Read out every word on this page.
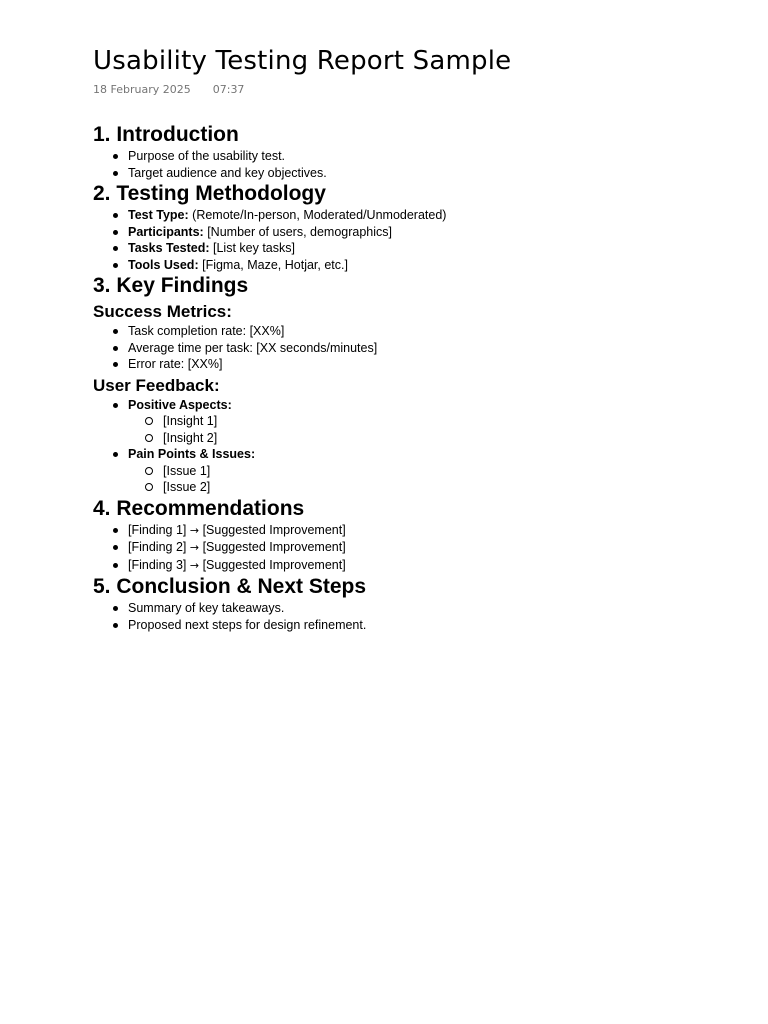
Usability Testing Report Sample
18 February 2025 07:37
1. Introduction
Purpose of the usability test.
Target audience and key objectives.
2. Testing Methodology
Test Type: (Remote/In-person, Moderated/Unmoderated)
Participants: [Number of users, demographics]
Tasks Tested: [List key tasks]
Tools Used: [Figma, Maze, Hotjar, etc.]
3. Key Findings
Success Metrics:
Task completion rate: [XX%]
Average time per task: [XX seconds/minutes]
Error rate: [XX%]
User Feedback:
Positive Aspects:
[Insight 1]
[Insight 2]
Pain Points & Issues:
[Issue 1]
[Issue 2]
4. Recommendations
[Finding 1] → [Suggested Improvement]
[Finding 2] → [Suggested Improvement]
[Finding 3] → [Suggested Improvement]
5. Conclusion & Next Steps
Summary of key takeaways.
Proposed next steps for design refinement.
